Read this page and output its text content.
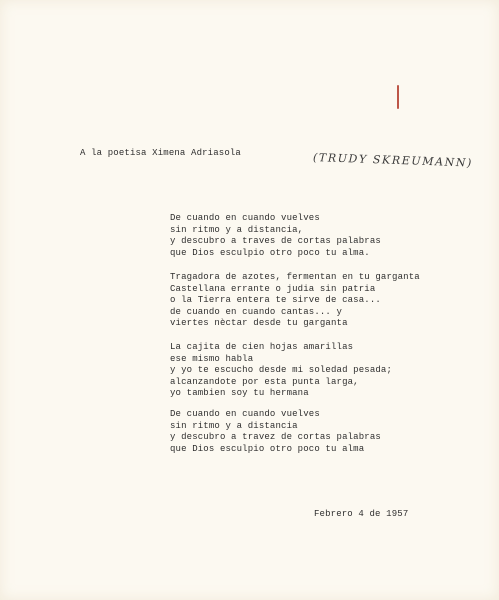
A la poetisa Ximena Adriasola	(TRUDY SKREUMANN)
De cuando en cuando vuelves
sin ritmo y a distancia,
y descubro a traves de cortas palabras
que Dios esculpio otro poco tu alma.
Tragadora de azotes, fermentan en tu garganta
Castellana errante o judia sin patria
o la Tierra entera te sirve de casa...
de cuando en cuando cantas... y
viertes nèctar desde tu garganta
La cajita de cien hojas amarillas
ese mismo habla
y yo te escucho desde mi soledad pesada;
alcanzandote por esta punta larga,
yo tambien soy tu hermana
De cuando en cuando vuelves
sin ritmo y a distancia
y descubro a travez de cortas palabras
que Dios esculpio otro poco tu alma
Febrero 4 de 1957
